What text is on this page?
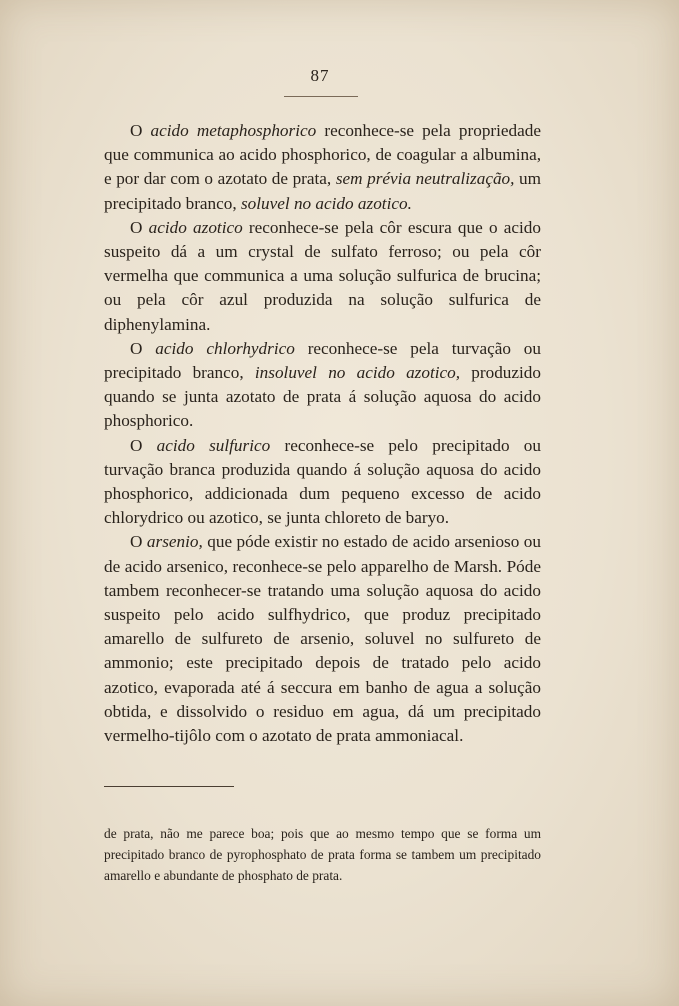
87

O acido metaphosphorico reconhece-se pela propriedade que communica ao acido phosphorico, de coagular a albumina, e por dar com o azotato de prata, sem prévia neutralização, um precipitado branco, soluvel no acido azotico.

O acido azotico reconhece-se pela côr escura que o acido suspeito dá a um crystal de sulfato ferroso; ou pela côr vermelha que communica a uma solução sulfurica de brucina; ou pela côr azul produzida na solução sulfurica de diphenylamina.

O acido chlorhydrico reconhece-se pela turvação ou precipitado branco, insoluvel no acido azotico, produzido quando se junta azotato de prata á solução aquosa do acido phosphorico.

O acido sulfurico reconhece-se pelo precipitado ou turvação branca produzida quando á solução aquosa do acido phosphorico, addicionada dum pequeno excesso de acido chlorydrico ou azotico, se junta chloreto de baryo.

O arsenio, que póde existir no estado de acido arsenioso ou de acido arsenico, reconhece-se pelo apparelho de Marsh. Póde tambem reconhecer-se tratando uma solução aquosa do acido suspeito pelo acido sulfhydrico, que produz precipitado amarello de sulfureto de arsenio, soluvel no sulfureto de ammonio; este precipitado depois de tratado pelo acido azotico, evaporada até á seccura em banho de agua a solução obtida, e dissolvido o residuo em agua, dá um precipitado vermelho-tijôlo com o azotato de prata ammoniacal.

de prata, não me parece boa; pois que ao mesmo tempo que se forma um precipitado branco de pyrophosphato de prata forma se tambem um precipitado amarello e abundante de phosphato de prata.
